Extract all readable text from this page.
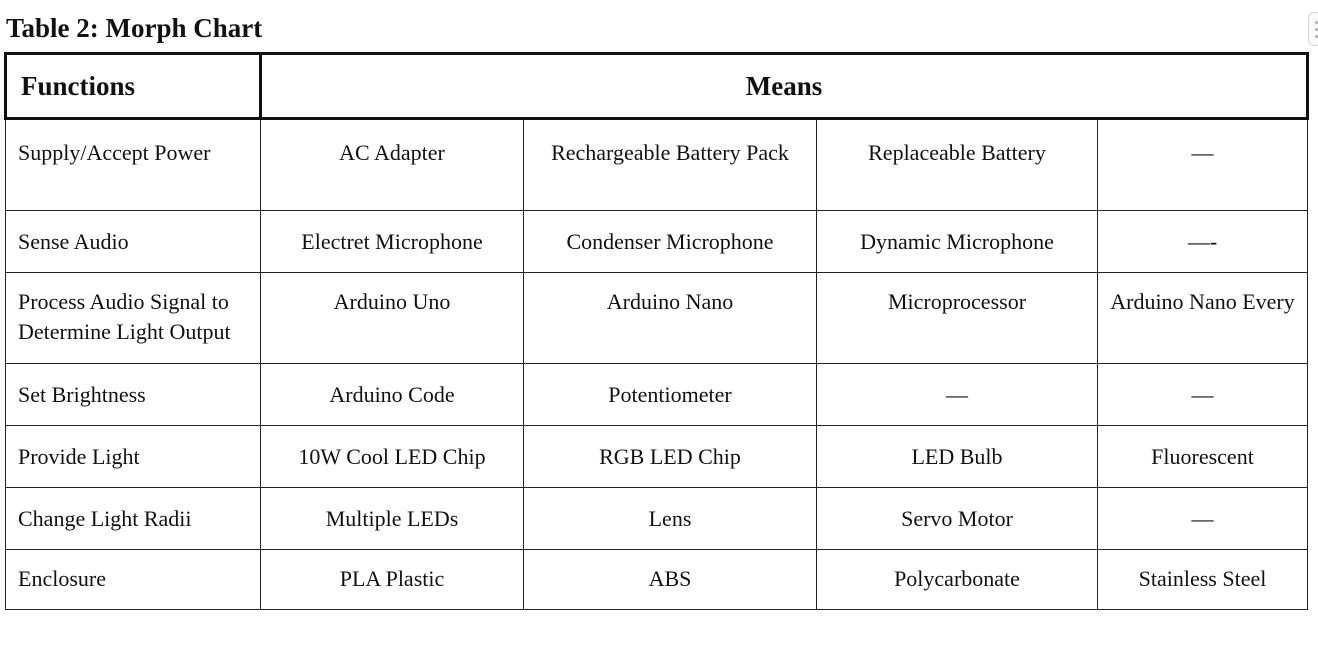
Table 2: Morph Chart
Functions	Means			
Supply/Accept Power	AC Adapter	Rechargeable Battery Pack	Replaceable Battery	—
Sense Audio	Electret Microphone	Condenser Microphone	Dynamic Microphone	—-
Process Audio Signal to Determine Light Output	Arduino Uno	Arduino Nano	Microprocessor	Arduino Nano Every
Set Brightness	Arduino Code	Potentiometer	—	—
Provide Light	10W Cool LED Chip	RGB LED Chip	LED Bulb	Fluorescent
Change Light Radii	Multiple LEDs	Lens	Servo Motor	—
Enclosure	PLA Plastic	ABS	Polycarbonate	Stainless Steel
